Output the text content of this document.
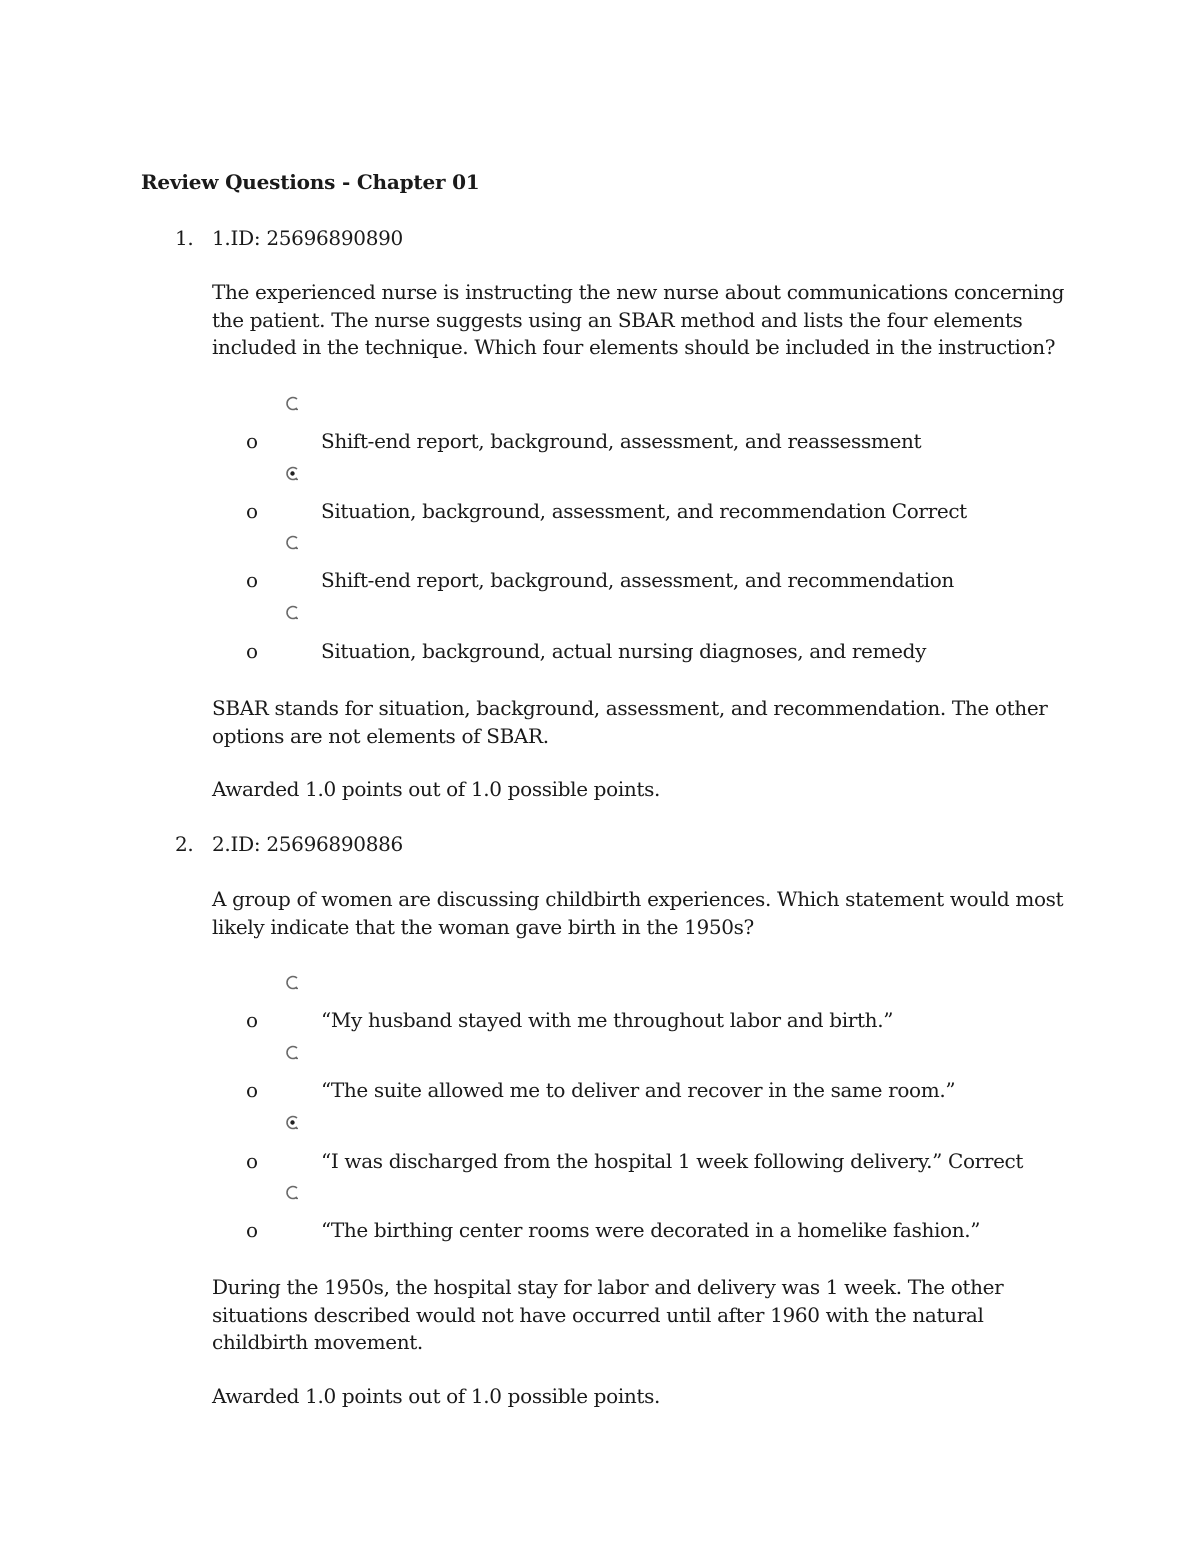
Review Questions - Chapter 01
1. 1.ID: 25696890890

The experienced nurse is instructing the new nurse about communications concerning the patient. The nurse suggests using an SBAR method and lists the four elements included in the technique. Which four elements should be included in the instruction?

o	Shift-end report, background, assessment, and reassessment
o	Situation, background, assessment, and recommendation Correct
o	Shift-end report, background, assessment, and recommendation
o	Situation, background, actual nursing diagnoses, and remedy

SBAR stands for situation, background, assessment, and recommendation. The other options are not elements of SBAR.

Awarded 1.0 points out of 1.0 possible points.

2. 2.ID: 25696890886

A group of women are discussing childbirth experiences. Which statement would most likely indicate that the woman gave birth in the 1950s?

o	“My husband stayed with me throughout labor and birth.”
o	“The suite allowed me to deliver and recover in the same room.”
o	“I was discharged from the hospital 1 week following delivery.” Correct
o	“The birthing center rooms were decorated in a homelike fashion.”

During the 1950s, the hospital stay for labor and delivery was 1 week. The other situations described would not have occurred until after 1960 with the natural childbirth movement.

Awarded 1.0 points out of 1.0 possible points.
